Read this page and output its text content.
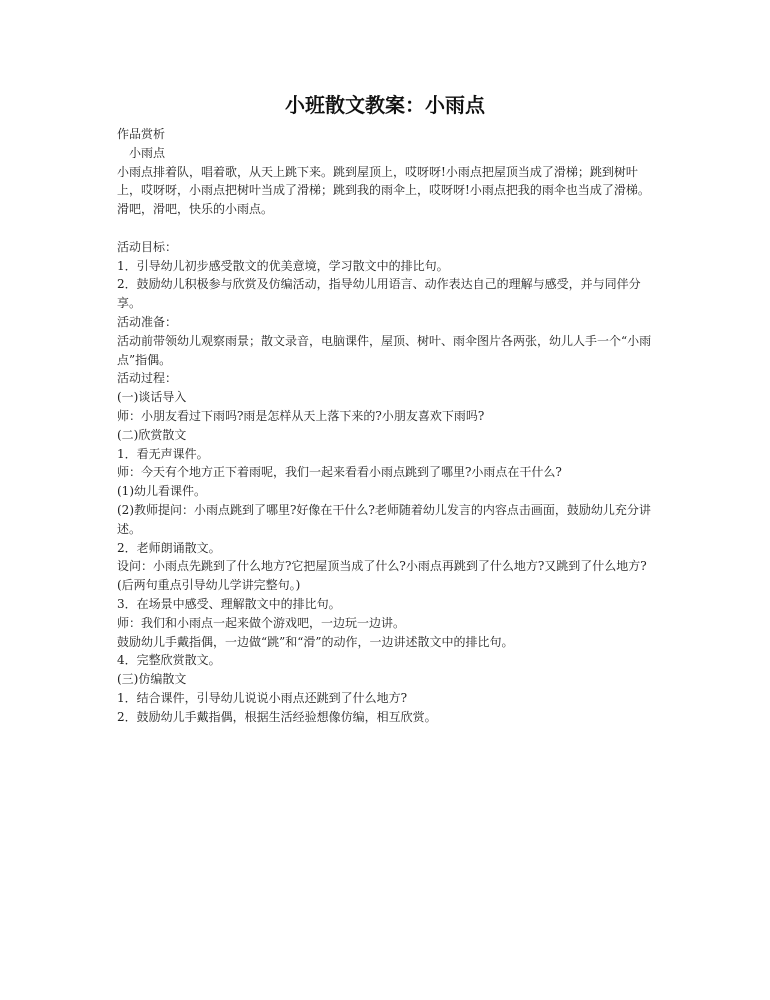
小班散文教案：小雨点

作品赏析

小雨点

小雨点排着队，唱着歌，从天上跳下来。跳到屋顶上，哎呀呀!小雨点把屋顶当成了滑梯；跳到树叶上，哎呀呀，小雨点把树叶当成了滑梯；跳到我的雨伞上，哎呀呀!小雨点把我的雨伞也当成了滑梯。滑吧，滑吧，快乐的小雨点。

活动目标：

1．引导幼儿初步感受散文的优美意境，学习散文中的排比句。

2．鼓励幼儿积极参与欣赏及仿编活动，指导幼儿用语言、动作表达自己的理解与感受，并与同伴分享。

活动准备：

活动前带领幼儿观察雨景；散文录音，电脑课件，屋顶、树叶、雨伞图片各两张，幼儿人手一个“小雨点”指偶。

活动过程：

(一)谈话导入

师：小朋友看过下雨吗?雨是怎样从天上落下来的?小朋友喜欢下雨吗?

(二)欣赏散文

1．看无声课件。

师：今天有个地方正下着雨呢，我们一起来看看小雨点跳到了哪里?小雨点在干什么?

(1)幼儿看课件。

(2)教师提问：小雨点跳到了哪里?好像在干什么?老师随着幼儿发言的内容点击画面，鼓励幼儿充分讲述。

2．老师朗诵散文。

设问：小雨点先跳到了什么地方?它把屋顶当成了什么?小雨点再跳到了什么地方?又跳到了什么地方?(后两句重点引导幼儿学讲完整句。)

3．在场景中感受、理解散文中的排比句。

师：我们和小雨点一起来做个游戏吧，一边玩一边讲。

鼓励幼儿手戴指偶，一边做“跳”和“滑”的动作，一边讲述散文中的排比句。

4．完整欣赏散文。

(三)仿编散文

1．结合课件，引导幼儿说说小雨点还跳到了什么地方?

2．鼓励幼儿手戴指偶，根据生活经验想像仿编，相互欣赏。
